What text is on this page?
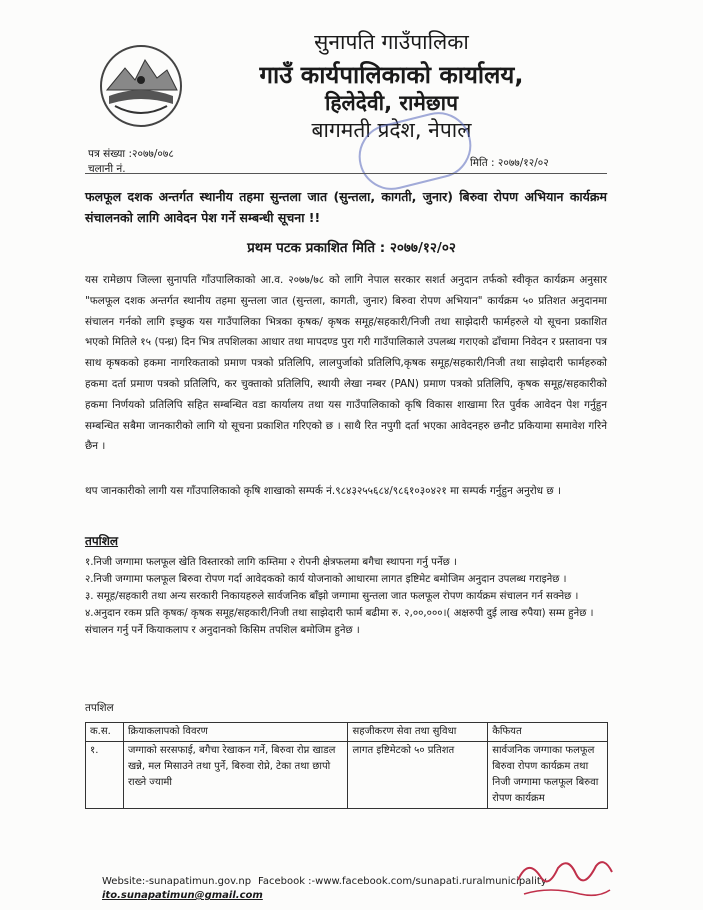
सुनापति गाउँपालिका
गाउँ कार्यपालिकाको कार्यालय,
हिलेदेवी, रामेछाप
बागमती प्रदेश, नेपाल
पत्र संख्या :२०७७/०७८
चलानी नं.	मिति : २०७७/१२/०२
फलफूल दशक अन्तर्गत स्थानीय तहमा सुन्तला जात (सुन्तला, कागती, जुनार) बिरुवा रोपण अभियान कार्यक्रम संचालनको लागि आवेदन पेश गर्ने सम्बन्धी सूचना !!
प्रथम पटक प्रकाशित मिति : २०७७/१२/०२
यस रामेछाप जिल्ला सुनापति गाँउपालिकाको आ.व. २०७७/७८ को लागि नेपाल सरकार सशर्त अनुदान तर्फको स्वीकृत कार्यक्रम अनुसार "फलफूल दशक अन्तर्गत स्थानीय तहमा सुन्तला जात (सुन्तला, कागती, जुनार) बिरुवा रोपण अभियान" कार्यक्रम ५० प्रतिशत अनुदानमा संचालन गर्नको लागि इच्छुक यस गाउँपालिका भित्रका कृषक/ कृषक समूह/सहकारी/निजी तथा साझेदारी फार्महरुले यो सूचना प्रकाशित भएको मितिले १५ (पन्ध्र) दिन भित्र तपशिलका आधार तथा मापदण्ड पुरा गरी गाउँपालिकाले उपलब्ध गराएको ढाँचामा निवेदन र प्रस्तावना पत्र साथ कृषकको हकमा नागरिकताको प्रमाण पत्रको प्रतिलिपि, लालपुर्जाको प्रतिलिपि,कृषक समूह/सहकारी/निजी तथा साझेदारी फार्महरुको हकमा दर्ता प्रमाण पत्रको प्रतिलिपि, कर चुक्ताको प्रतिलिपि, स्थायी लेखा नम्बर (PAN) प्रमाण पत्रको प्रतिलिपि, कृषक समूह/सहकारीको हकमा निर्णयको प्रतिलिपि सहित सम्बन्धित वडा कार्यालय तथा यस गाउँपालिकाको कृषि विकास शाखामा रित पुर्वक आवेदन पेश गर्नुहुन सम्बन्धित सबैमा जानकारीको लागि यो सूचना प्रकाशित गरिएको छ । साथै रित नपुगी दर्ता भएका आवेदनहरु छनौट प्रकियामा समावेश गरिने छैन ।
थप जानकारीको लागी यस गाँउपालिकाको कृषि शाखाको सम्पर्क नं.९८४३२५५६८४/९८६१०३०४२१ मा सम्पर्क गर्नुहुन अनुरोध छ ।
तपशिल
१.निजी जग्गामा फलफूल खेति विस्तारको लागि कम्तिमा २ रोपनी क्षेत्रफलमा बगैचा स्थापना गर्नु पर्नेछ ।
२.निजी जग्गामा फलफूल बिरुवा रोपण गर्दा आवेदकको कार्य योजनाको आधारमा लागत इष्टिमेट बमोजिम अनुदान उपलब्ध गराइनेछ ।
३. समूह/सहकारी तथा अन्य सरकारी निकायहरुले सार्वजनिक बाँझो जग्गामा सुन्तला जात फलफूल रोपण कार्यक्रम संचालन गर्न सक्नेछ ।
४.अनुदान रकम प्रति कृषक/ कृषक समूह/सहकारी/निजी तथा साझेदारी फार्म बढीमा रु. २,००,०००।( अक्षरुपी दुई लाख रुपैया) सम्म हुनेछ ।
संचालन गर्नु पर्ने कियाकलाप र अनुदानको किसिम तपशिल बमोजिम हुनेछ ।
तपशिल
क.स.	क्रियाकलापको विवरण	सहजीकरण सेवा तथा सुविधा	कैफियत
१.	जग्गाको सरसफाई, बगैचा रेखाकन गर्ने, बिरुवा रोप्न खाडल खन्ने, मल मिसाउने तथा पुर्ने, बिरुवा रोप्ने, टेका तथा छापो राख्ने ज्यामी	लागत इष्टिमेटको ५० प्रतिशत	सार्वजनिक जग्गाका फलफूल बिरुवा रोपण कार्यक्रम तथा निजी जग्गामा फलफूल बिरुवा रोपण कार्यक्रम
Website:-sunapatimun.gov.np Facebook :-www.facebook.com/sunapati.ruralmunicipality
ito.sunapatimun@gmail.com
